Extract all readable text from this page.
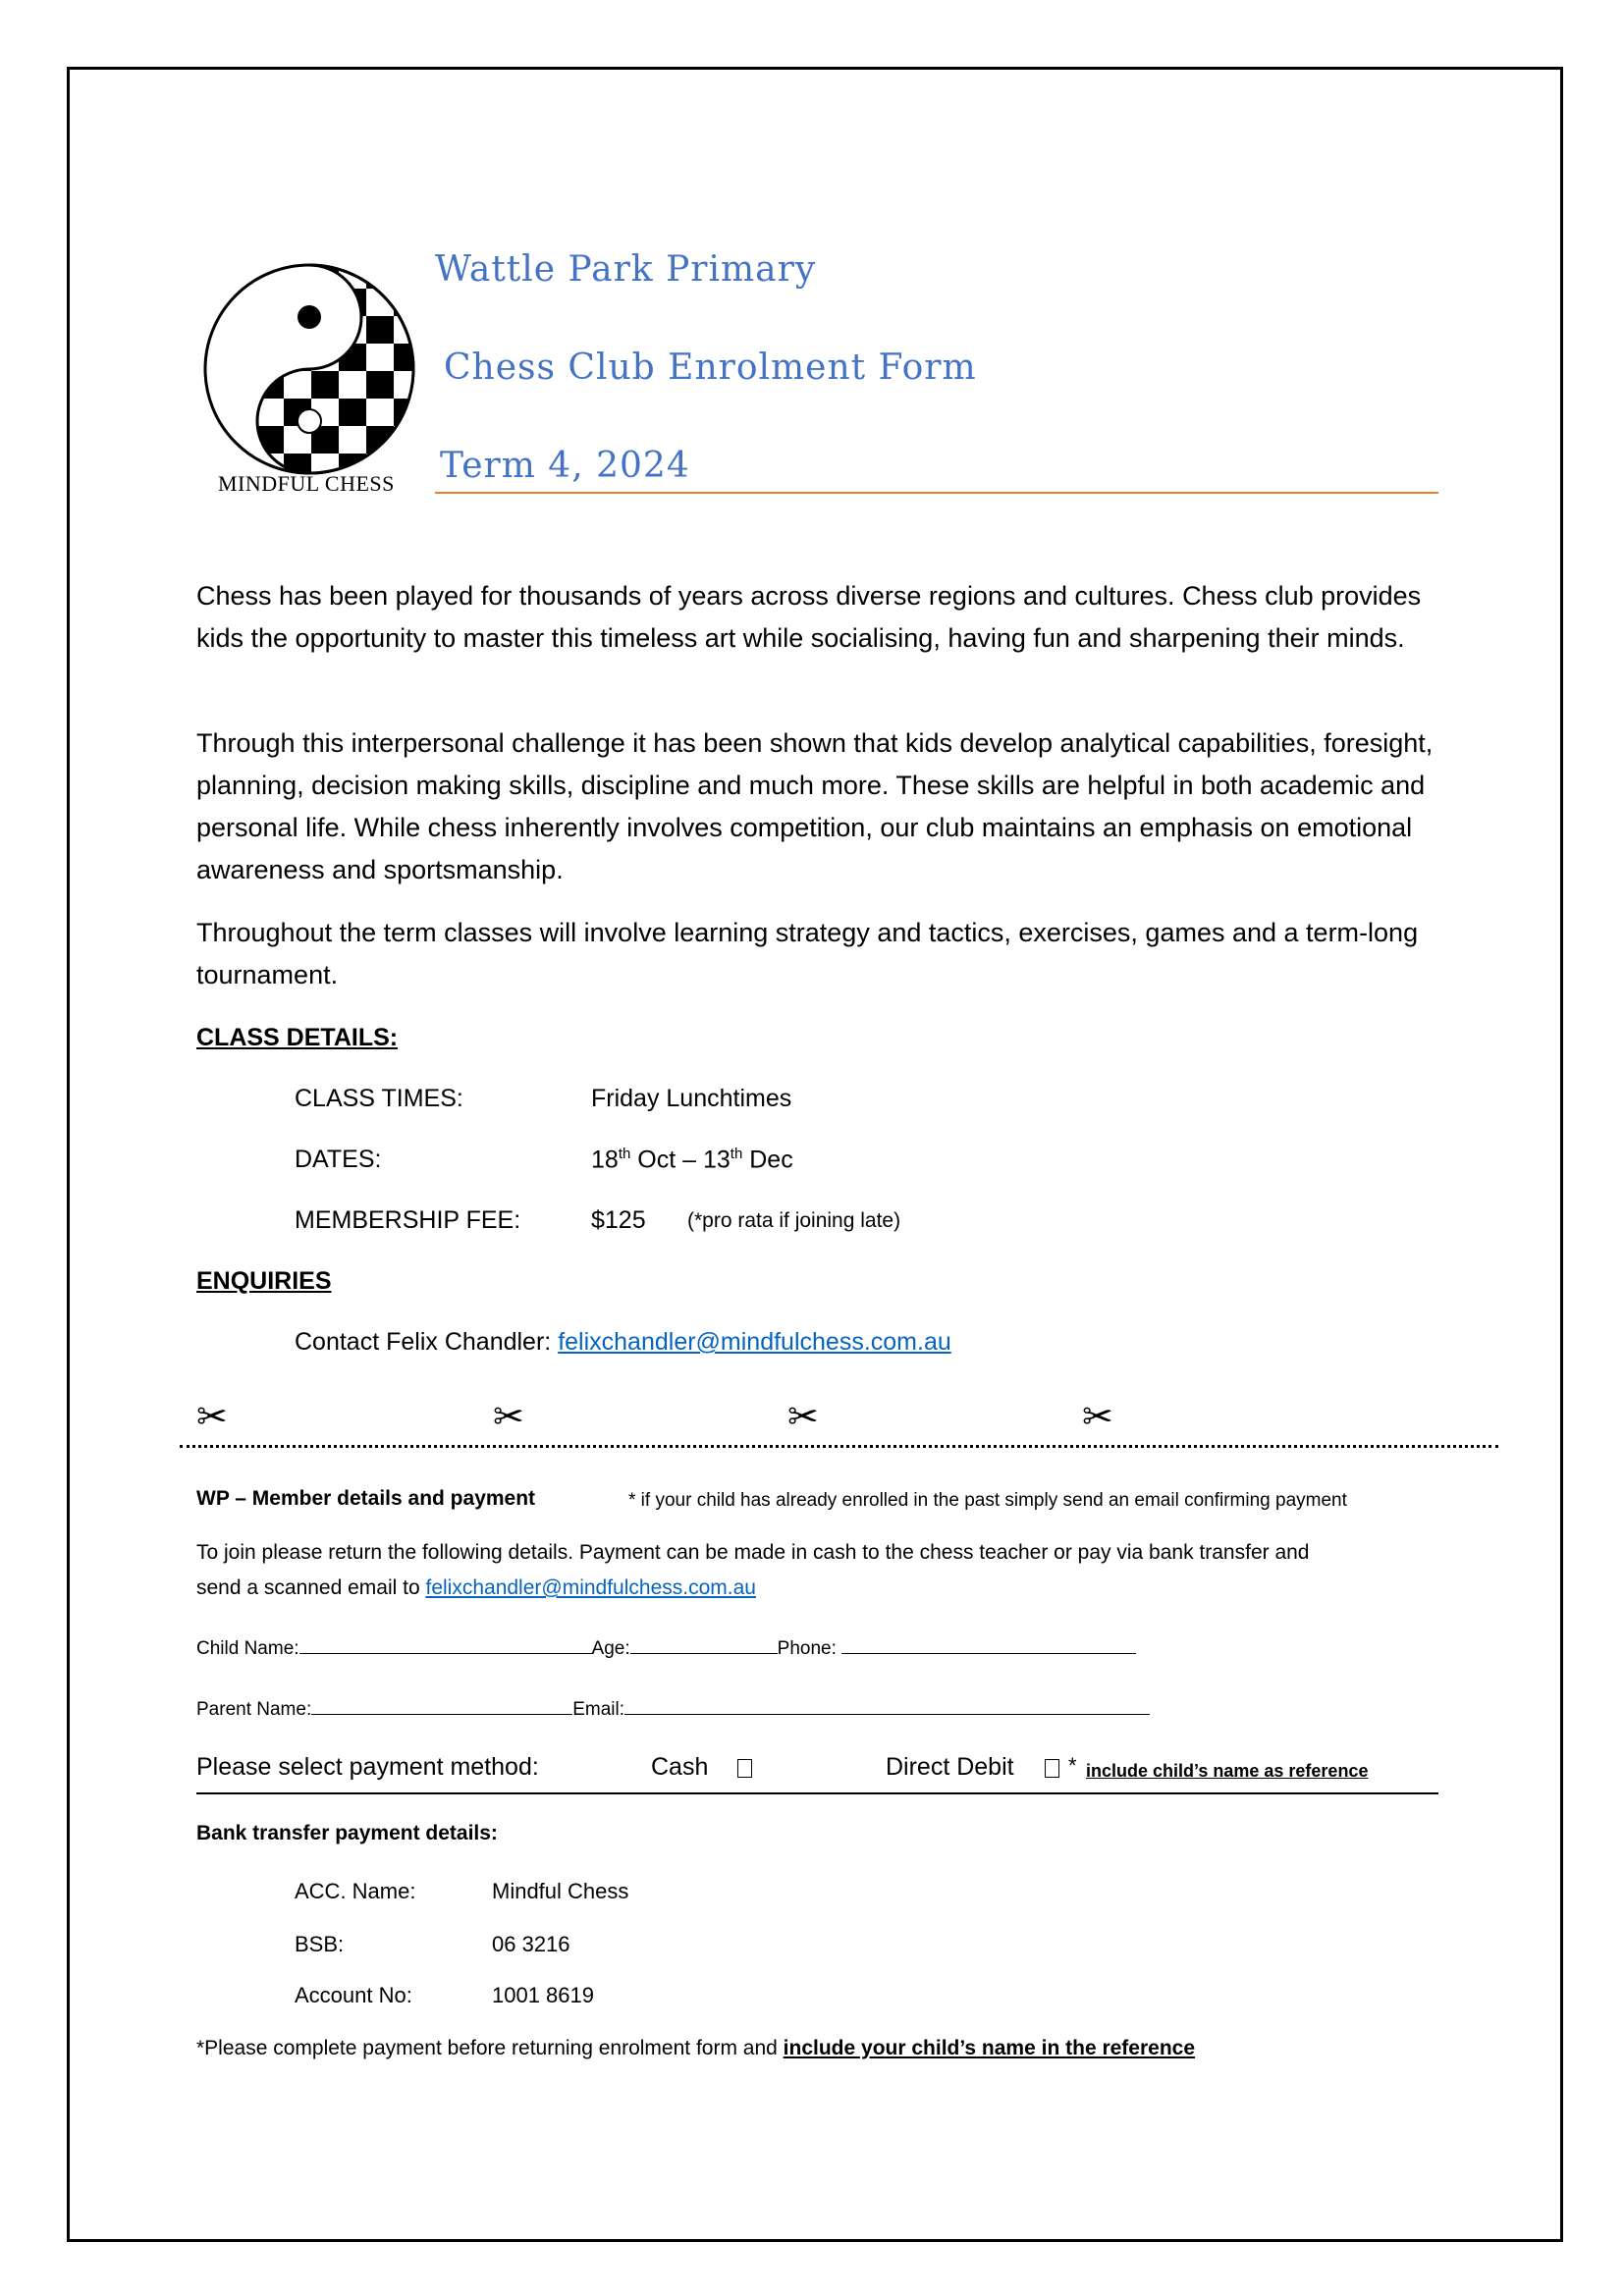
MINDFUL CHESS
Wattle Park Primary
Chess Club Enrolment Form
Term 4, 2024
Chess has been played for thousands of years across diverse regions and cultures. Chess club provides kids the opportunity to master this timeless art while socialising, having fun and sharpening their minds.
Through this interpersonal challenge it has been shown that kids develop analytical capabilities, foresight, planning, decision making skills, discipline and much more. These skills are helpful in both academic and personal life. While chess inherently involves competition, our club maintains an emphasis on emotional awareness and sportsmanship.
Throughout the term classes will involve learning strategy and tactics, exercises, games and a term-long tournament.
CLASS DETAILS:
CLASS TIMES:	Friday Lunchtimes
DATES:	18th Oct – 13th Dec
MEMBERSHIP FEE:	$125 (*pro rata if joining late)
ENQUIRIES
Contact Felix Chandler: felixchandler@mindfulchess.com.au
✂	✂	✂	✂
WP – Member details and payment	* if your child has already enrolled in the past simply send an email confirming payment
To join please return the following details. Payment can be made in cash to the chess teacher or pay via bank transfer and
send a scanned email to felixchandler@mindfulchess.com.au
Child Name:	Age:	Phone:
Parent Name:	Email:
Please select payment method:	Cash	Direct Debit	* include child’s name as reference
Bank transfer payment details:
ACC. Name:	Mindful Chess
BSB:	06 3216
Account No:	1001 8619
*Please complete payment before returning enrolment form and include your child’s name in the reference
